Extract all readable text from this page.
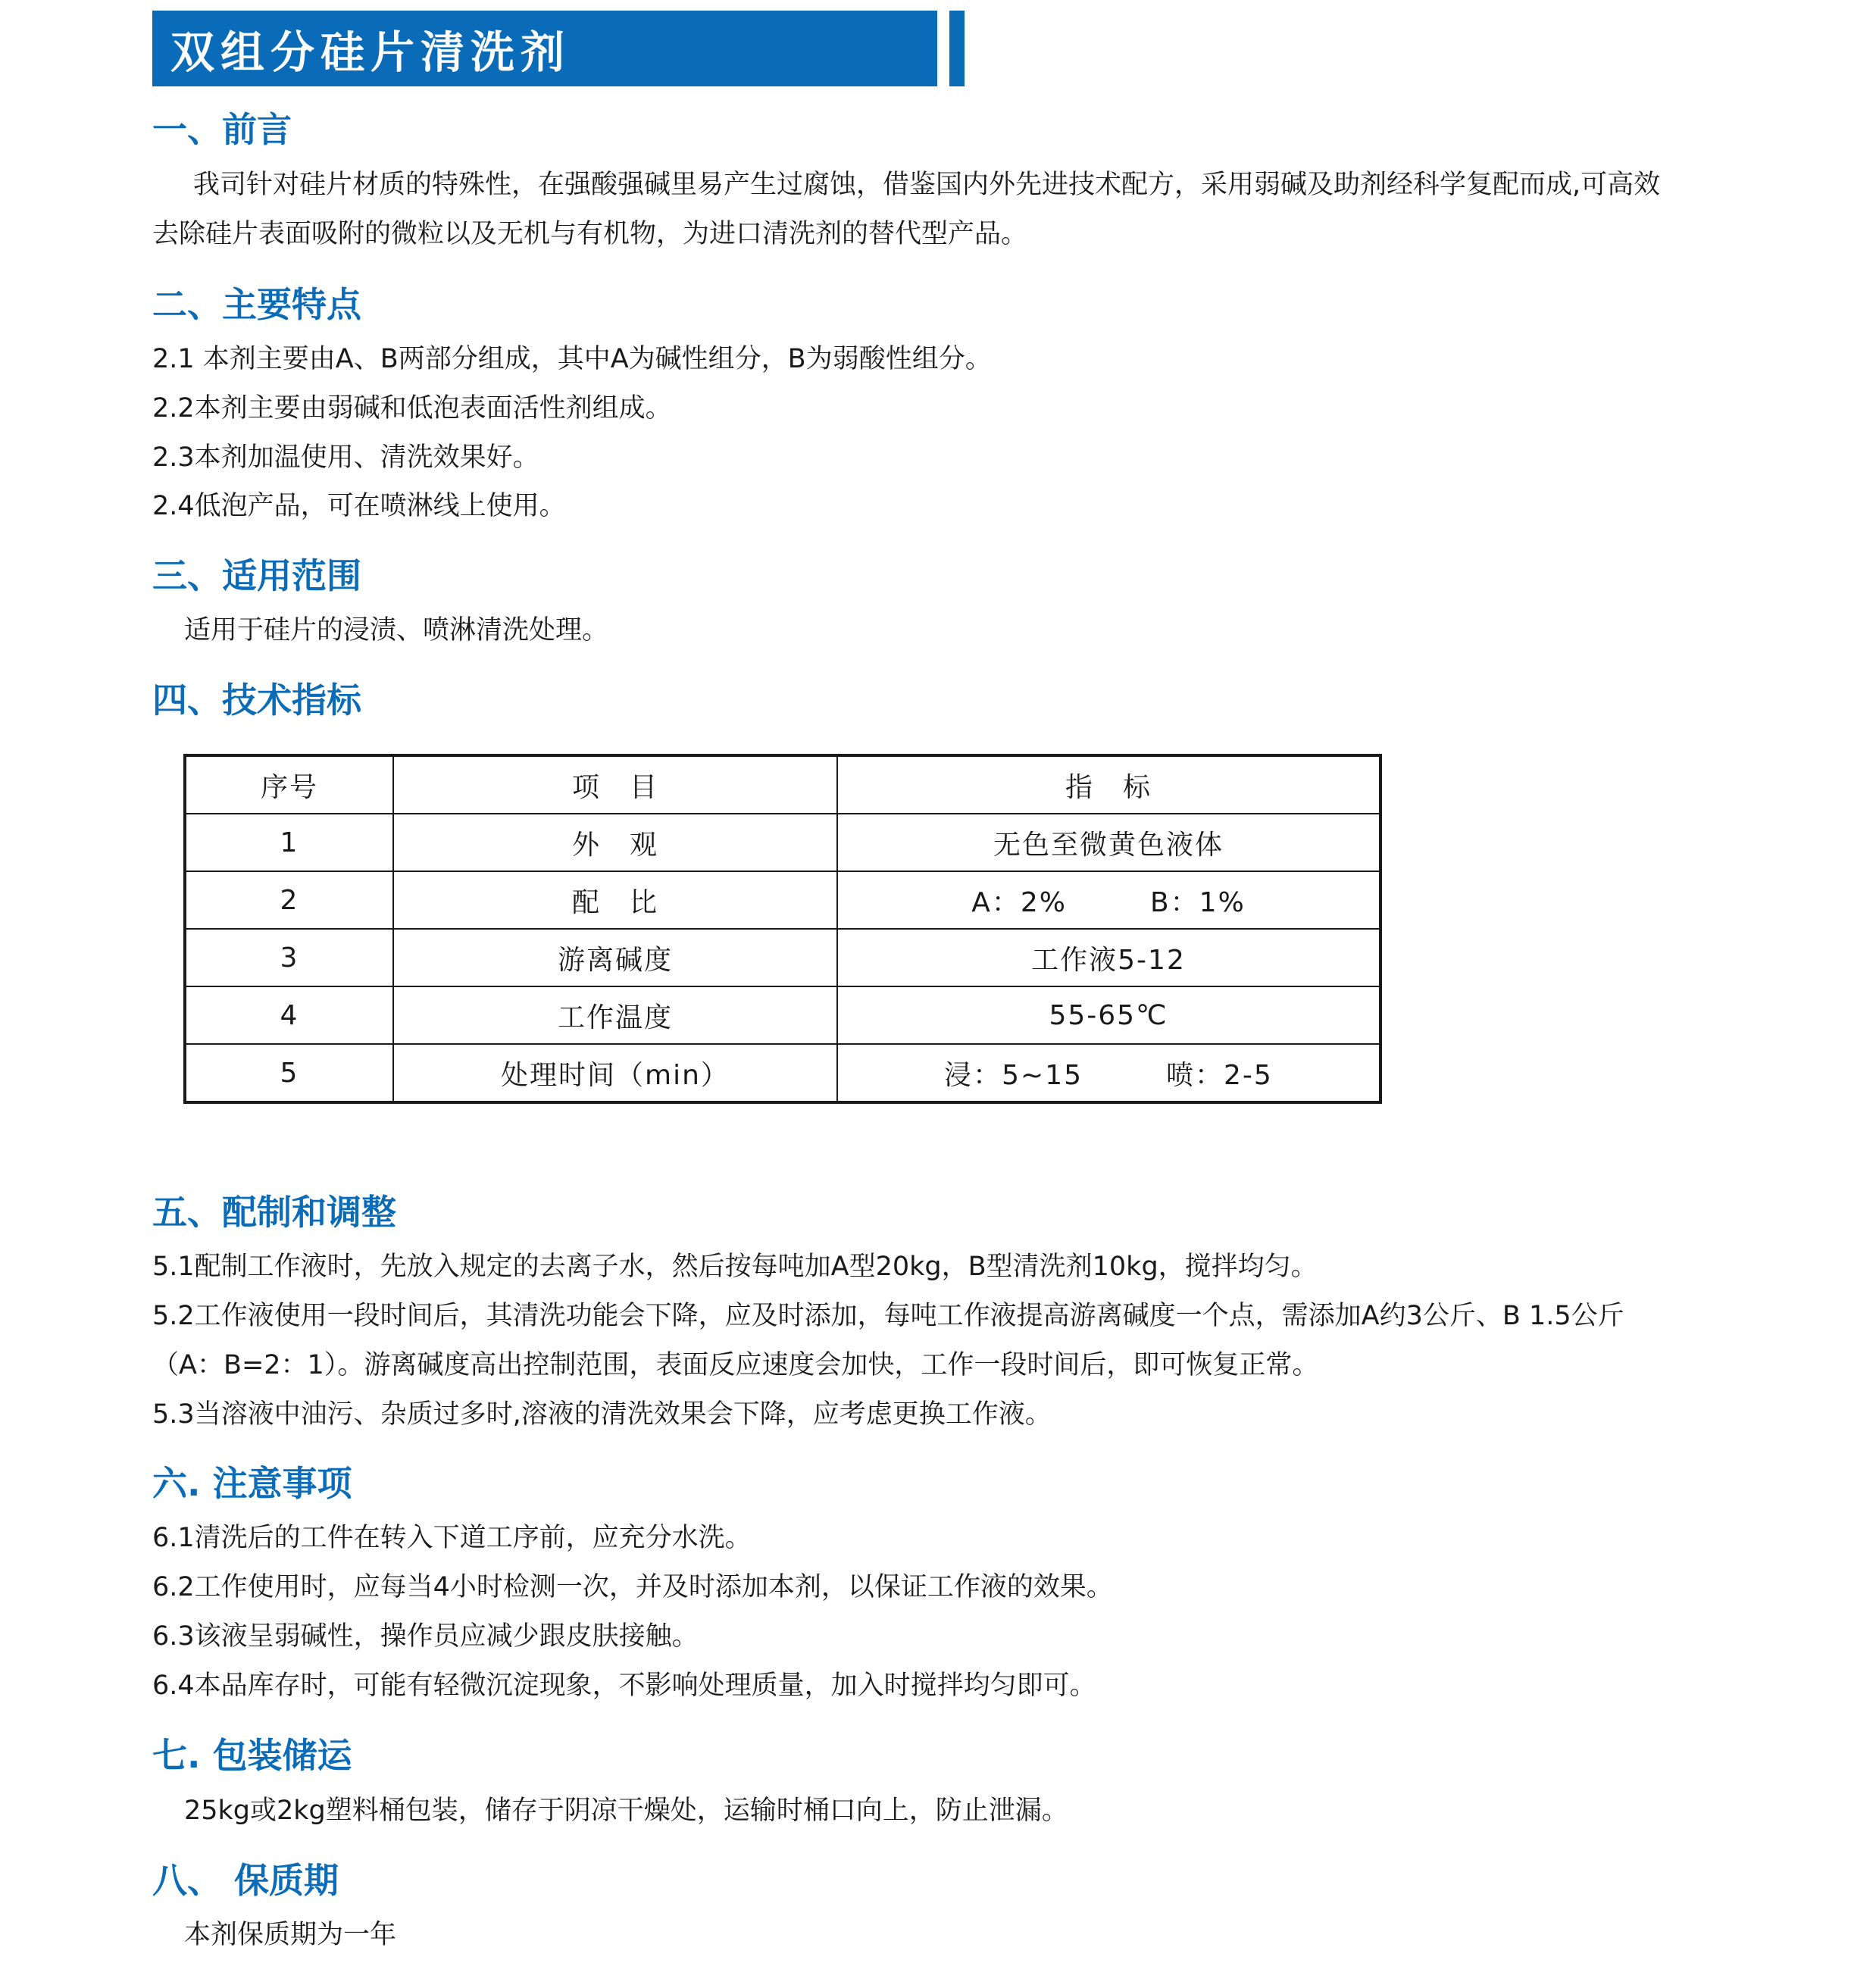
双组分硅片清洗剂
一、前言
我司针对硅片材质的特殊性，在强酸强碱里易产生过腐蚀，借鉴国内外先进技术配方，采用弱碱及助剂经科学复配而成,可高效
去除硅片表面吸附的微粒以及无机与有机物，为进口清洗剂的替代型产品。
二、主要特点
2.1 本剂主要由A、B两部分组成，其中A为碱性组分，B为弱酸性组分。
2.2本剂主要由弱碱和低泡表面活性剂组成。
2.3本剂加温使用、清洗效果好。
2.4低泡产品，可在喷淋线上使用。
三、适用范围
适用于硅片的浸渍、喷淋清洗处理。
四、技术指标
序号	项　目	指　标
1	外　观	无色至微黄色液体
2	配　比	A：2% B：1%
3	游离碱度	工作液5-12
4	工作温度	55-65℃
5	处理时间（min）	浸：5~15 喷：2-5
五、配制和调整
5.1配制工作液时，先放入规定的去离子水，然后按每吨加A型20kg，B型清洗剂10kg，搅拌均匀。
5.2工作液使用一段时间后，其清洗功能会下降，应及时添加，每吨工作液提高游离碱度一个点，需添加A约3公斤、B 1.5公斤
（A：B=2：1）。游离碱度高出控制范围，表面反应速度会加快，工作一段时间后，即可恢复正常。
5.3当溶液中油污、杂质过多时,溶液的清洗效果会下降，应考虑更换工作液。
六. 注意事项
6.1清洗后的工件在转入下道工序前，应充分水洗。
6.2工作使用时，应每当4小时检测一次，并及时添加本剂，以保证工作液的效果。
6.3该液呈弱碱性，操作员应减少跟皮肤接触。
6.4本品库存时，可能有轻微沉淀现象，不影响处理质量，加入时搅拌均匀即可。
七. 包装储运
25kg或2kg塑料桶包装，储存于阴凉干燥处，运输时桶口向上，防止泄漏。
八、 保质期
本剂保质期为一年
